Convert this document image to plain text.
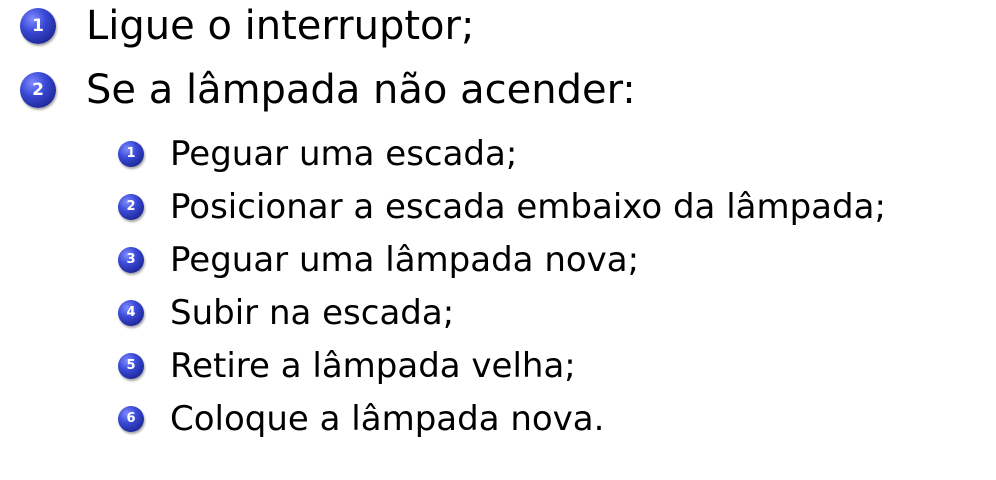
1	Ligue o interruptor;
2	Se a lâmpada não acender:
1 Peguar uma escada;
2 Posicionar a escada embaixo da lâmpada;
3 Peguar uma lâmpada nova;
4 Subir na escada;
5 Retire a lâmpada velha;
6 Coloque a lâmpada nova.
